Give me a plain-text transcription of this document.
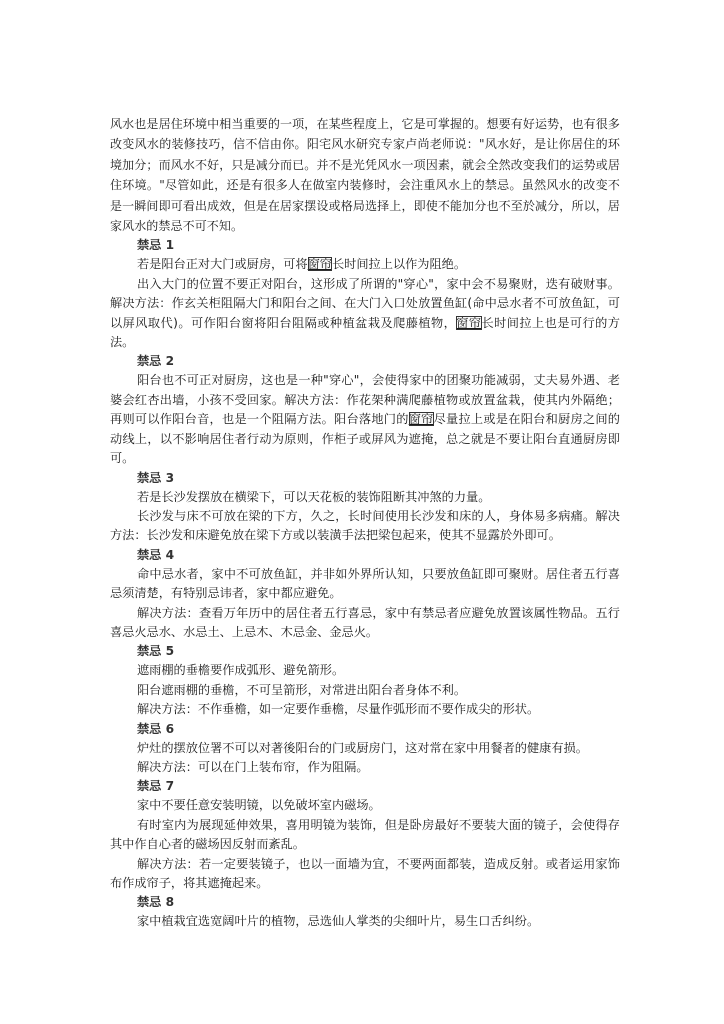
风水也是居住环境中相当重要的一项，在某些程度上，它是可掌握的。想要有好运势，也有很多改变风水的装修技巧，信不信由你。阳宅风水研究专家卢尚老师说："风水好，是让你居住的环境加分；而风水不好，只是减分而已。并不是光凭风水一项因素，就会全然改变我们的运势或居住环境。"尽管如此，还是有很多人在做室内装修时，会注重风水上的禁忌。虽然风水的改变不是一瞬间即可看出成效，但是在居家摆设或格局选择上，即使不能加分也不至於减分，所以，居家风水的禁忌不可不知。

禁忌 1

若是阳台正对大门或厨房，可将窗帘长时间拉上以作为阻绝。

出入大门的位置不要正对阳台，这形成了所谓的"穿心"，家中会不易聚财，迭有破财事。解决方法：作玄关柜阻隔大门和阳台之间、在大门入口处放置鱼缸(命中忌水者不可放鱼缸，可以屏风取代)。可作阳台窗将阳台阻隔或种植盆栽及爬藤植物，窗帘长时间拉上也是可行的方法。

禁忌 2

阳台也不可正对厨房，这也是一种"穿心"，会使得家中的团聚功能减弱，丈夫易外遇、老婆会红杏出墙，小孩不受回家。解决方法：作花架种满爬藤植物或放置盆栽，使其内外隔绝；再则可以作阳台音，也是一个阻隔方法。阳台落地门的窗帘尽量拉上或是在阳台和厨房之间的动线上，以不影响居住者行动为原则，作柜子或屏风为遮掩，总之就是不要让阳台直通厨房即可。

禁忌 3

若是长沙发摆放在横梁下，可以天花板的装饰阻断其冲煞的力量。

长沙发与床不可放在梁的下方，久之，长时间使用长沙发和床的人，身体易多病痛。解决方法：长沙发和床避免放在梁下方或以装潢手法把梁包起来，使其不显露於外即可。

禁忌 4

命中忌水者，家中不可放鱼缸，并非如外界所认知，只要放鱼缸即可聚财。居住者五行喜忌须清楚，有特别忌讳者，家中都应避免。

解决方法：查看万年历中的居住者五行喜忌，家中有禁忌者应避免放置该属性物品。五行喜忌火忌水、水忌土、上忌木、木忌金、金忌火。

禁忌 5

遮雨棚的垂檐要作成弧形、避免箭形。

阳台遮雨棚的垂檐，不可呈箭形，对常进出阳台者身体不利。

解决方法：不作垂檐，如一定要作垂檐，尽量作弧形而不要作成尖的形状。

禁忌 6

炉灶的摆放位署不可以对著後阳台的门或厨房门，这对常在家中用餐者的健康有损。

解决方法：可以在门上装布帘，作为阻隔。

禁忌 7

家中不要任意安装明镜，以免破坏室内磁场。

有时室内为展现延伸效果，喜用明镜为装饰，但是卧房最好不要装大面的镜子，会使得存其中作自心者的磁场因反射而紊乱。

解决方法：若一定要装镜子，也以一面墙为宜，不要两面都装，造成反射。或者运用家饰布作成帘子，将其遮掩起来。

禁忌 8

家中植栽宜选宽阔叶片的植物，忌选仙人掌类的尖细叶片，易生口舌纠纷。
